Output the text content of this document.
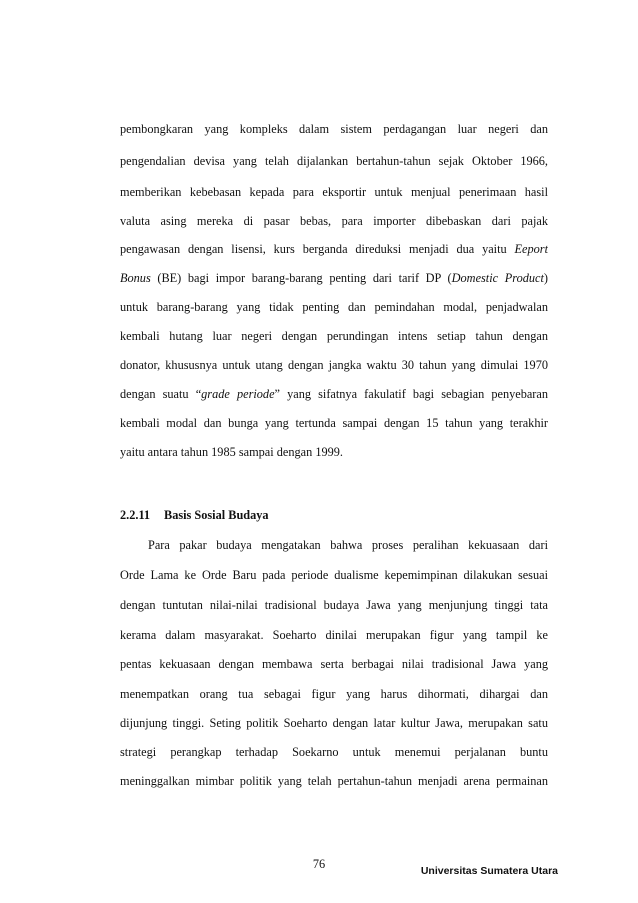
pembongkaran yang kompleks dalam sistem perdagangan luar negeri dan
pengendalian devisa yang telah dijalankan bertahun-tahun sejak Oktober 1966,
memberikan kebebasan kepada para eksportir untuk menjual penerimaan hasil
valuta asing mereka di pasar bebas, para importer dibebaskan dari pajak
pengawasan dengan lisensi, kurs berganda direduksi menjadi dua yaitu Eeport
Bonus (BE) bagi impor barang-barang penting dari tarif DP (Domestic Product)
untuk barang-barang yang tidak penting dan pemindahan modal, penjadwalan
kembali hutang luar negeri dengan perundingan intens setiap tahun dengan
donator, khususnya untuk utang dengan jangka waktu 30 tahun yang dimulai 1970
dengan suatu “grade periode” yang sifatnya fakulatif bagi sebagian penyebaran
kembali modal dan bunga yang tertunda sampai dengan 15 tahun yang terakhir
yaitu antara tahun 1985 sampai dengan 1999.
2.2.11 Basis Sosial Budaya
Para pakar budaya mengatakan bahwa proses peralihan kekuasaan dari
Orde Lama ke Orde Baru pada periode dualisme kepemimpinan dilakukan sesuai
dengan tuntutan nilai-nilai tradisional budaya Jawa yang menjunjung tinggi tata
kerama dalam masyarakat. Soeharto dinilai merupakan figur yang tampil ke
pentas kekuasaan dengan membawa serta berbagai nilai tradisional Jawa yang
menempatkan orang tua sebagai figur yang harus dihormati, dihargai dan
dijunjung tinggi. Seting politik Soeharto dengan latar kultur Jawa, merupakan satu
strategi perangkap terhadap Soekarno untuk menemui perjalanan buntu
meninggalkan mimbar politik yang telah pertahun-tahun menjadi arena permainan
76	Universitas Sumatera Utara
